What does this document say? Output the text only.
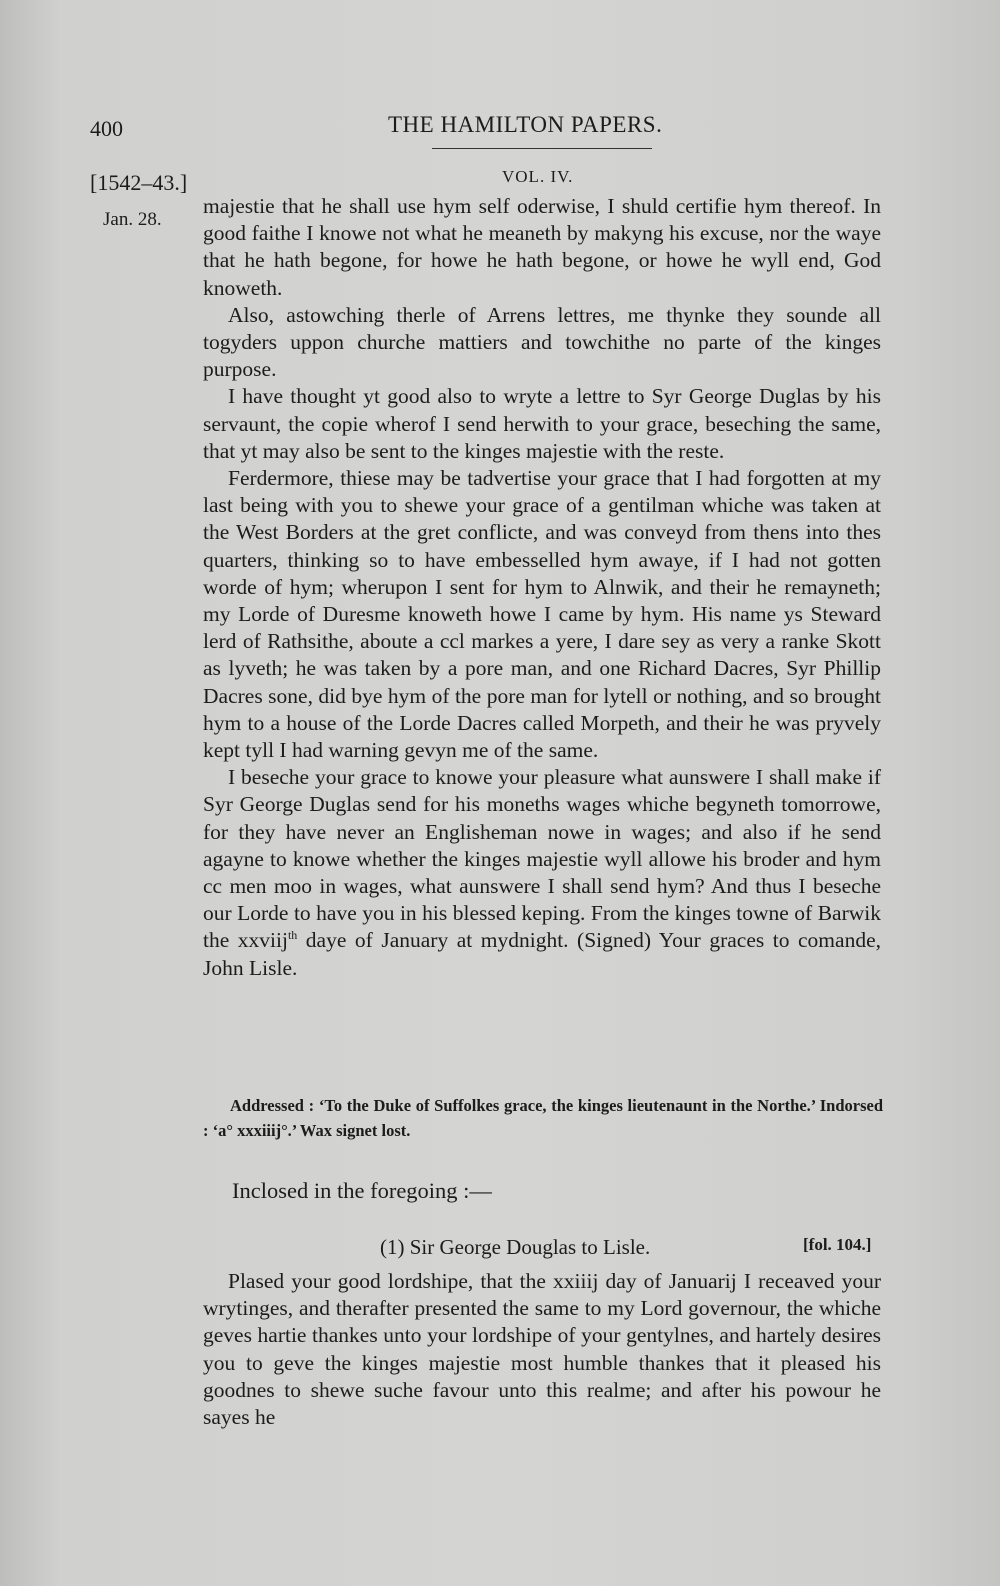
400	THE HAMILTON PAPERS.
[1542–43.]	VOL. IV.
Jan. 28.

majestie that he shall use hym self oderwise, I shuld certifie hym thereof. In good faithe I knowe not what he meaneth by makyng his excuse, nor the waye that he hath begone, for howe he hath begone, or howe he wyll end, God knoweth.

Also, astowching therle of Arrens lettres, me thynke they sounde all togyders uppon churche mattiers and towchithe no parte of the kinges purpose.

I have thought yt good also to wryte a lettre to Syr George Duglas by his servaunt, the copie wherof I send herwith to your grace, beseching the same, that yt may also be sent to the kinges majestie with the reste.

Ferdermore, thiese may be tadvertise your grace that I had forgotten at my last being with you to shewe your grace of a gentilman whiche was taken at the West Borders at the gret conflicte, and was conveyd from thens into thes quarters, thinking so to have embesselled hym awaye, if I had not gotten worde of hym; wherupon I sent for hym to Alnwik, and their he remayneth; my Lorde of Duresme knoweth howe I came by hym. His name ys Steward lerd of Rathsithe, aboute a ccl markes a yere, I dare sey as very a ranke Skott as lyveth; he was taken by a pore man, and one Richard Dacres, Syr Phillip Dacres sone, did bye hym of the pore man for lytell or nothing, and so brought hym to a house of the Lorde Dacres called Morpeth, and their he was pryvely kept tyll I had warning gevyn me of the same.

I beseche your grace to knowe your pleasure what aunswere I shall make if Syr George Duglas send for his moneths wages whiche begyneth tomorrowe, for they have never an Englisheman nowe in wages; and also if he send agayne to knowe whether the kinges majestie wyll allowe his broder and hym cc men moo in wages, what aunswere I shall send hym? And thus I beseche our Lorde to have you in his blessed keping. From the kinges towne of Barwik the xxviij$^{th}$ daye of January at mydnight. (Signed) Your graces to comande, John Lisle.

Addressed : ‘To the Duke of Suffolkes grace, the kinges lieutenaunt in the Northe.’ Indorsed : ‘a° xxxiiij°.’ Wax signet lost.

Inclosed in the foregoing :—
(1) Sir George Douglas to Lisle.	[fol. 104.]

Plased your good lordshipe, that the xxiiij day of Januarij I receaved your wrytinges, and therafter presented the same to my Lord governour, the whiche geves hartie thankes unto your lordshipe of your gentylnes, and hartely desires you to geve the kinges majestie most humble thankes that it pleased his goodnes to shewe suche favour unto this realme; and after his powour he sayes he
